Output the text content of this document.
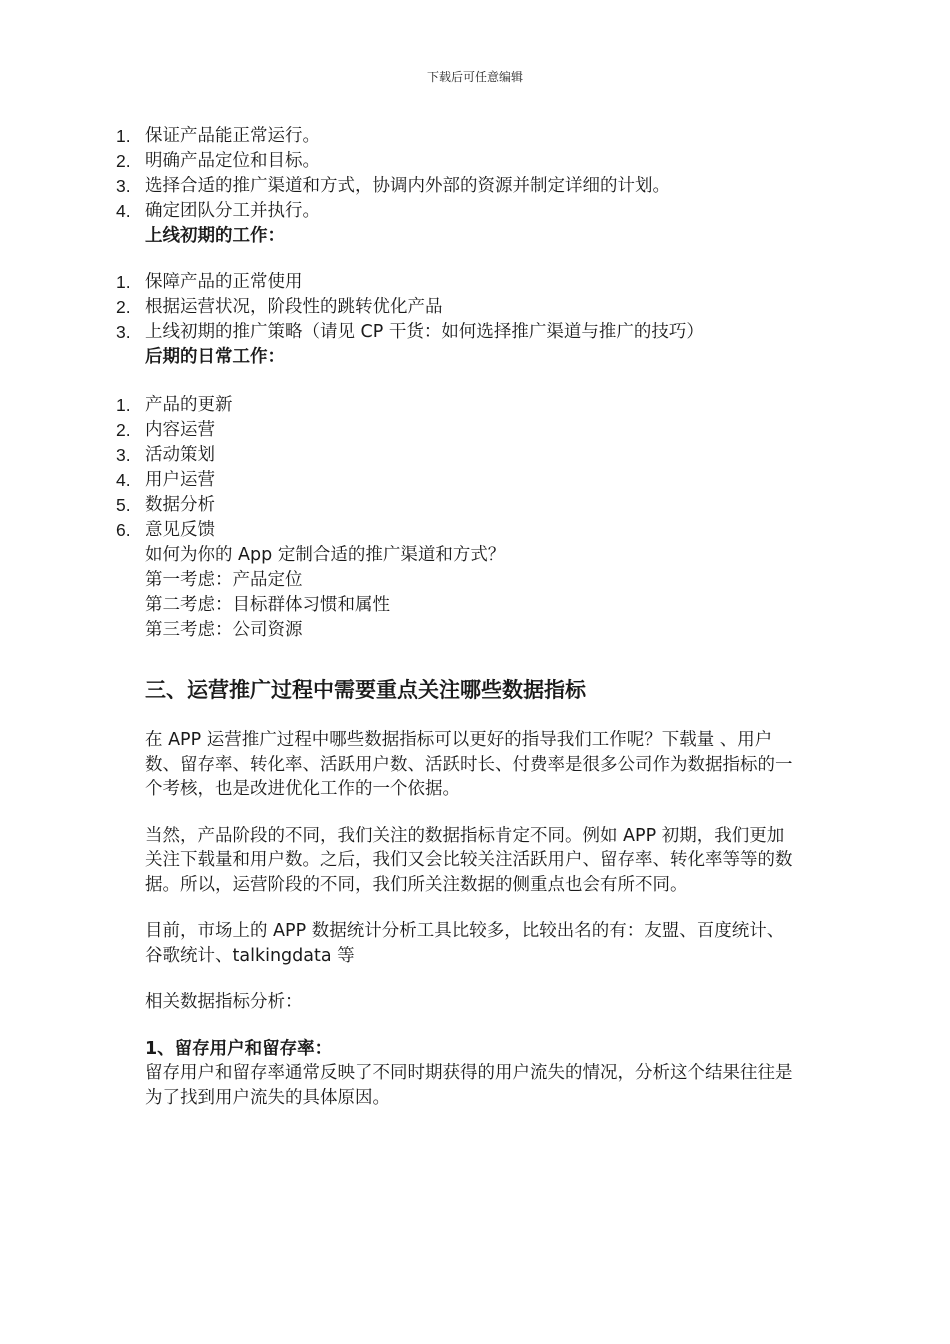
下载后可任意编辑
1. 保证产品能正常运行。
2. 明确产品定位和目标。
3. 选择合适的推广渠道和方式，协调内外部的资源并制定详细的计划。
4. 确定团队分工并执行。
上线初期的工作：
1. 保障产品的正常使用
2. 根据运营状况，阶段性的跳转优化产品
3. 上线初期的推广策略（请见 CP 干货：如何选择推广渠道与推广的技巧）
后期的日常工作：
1. 产品的更新
2. 内容运营
3. 活动策划
4. 用户运营
5. 数据分析
6. 意见反馈
如何为你的 App 定制合适的推广渠道和方式？
第一考虑：产品定位
第二考虑：目标群体习惯和属性
第三考虑：公司资源
三、运营推广过程中需要重点关注哪些数据指标

在 APP 运营推广过程中哪些数据指标可以更好的指导我们工作呢？下载量 、用户数、留存率、转化率、活跃用户数、活跃时长、付费率是很多公司作为数据指标的一个考核，也是改进优化工作的一个依据。

当然，产品阶段的不同，我们关注的数据指标肯定不同。例如 APP 初期，我们更加关注下载量和用户数。之后，我们又会比较关注活跃用户、留存率、转化率等等的数据。所以，运营阶段的不同，我们所关注数据的侧重点也会有所不同。

目前，市场上的 APP 数据统计分析工具比较多，比较出名的有：友盟、百度统计、谷歌统计、talkingdata 等

相关数据指标分析：

1、留存用户和留存率：

留存用户和留存率通常反映了不同时期获得的用户流失的情况，分析这个结果往往是为了找到用户流失的具体原因。
